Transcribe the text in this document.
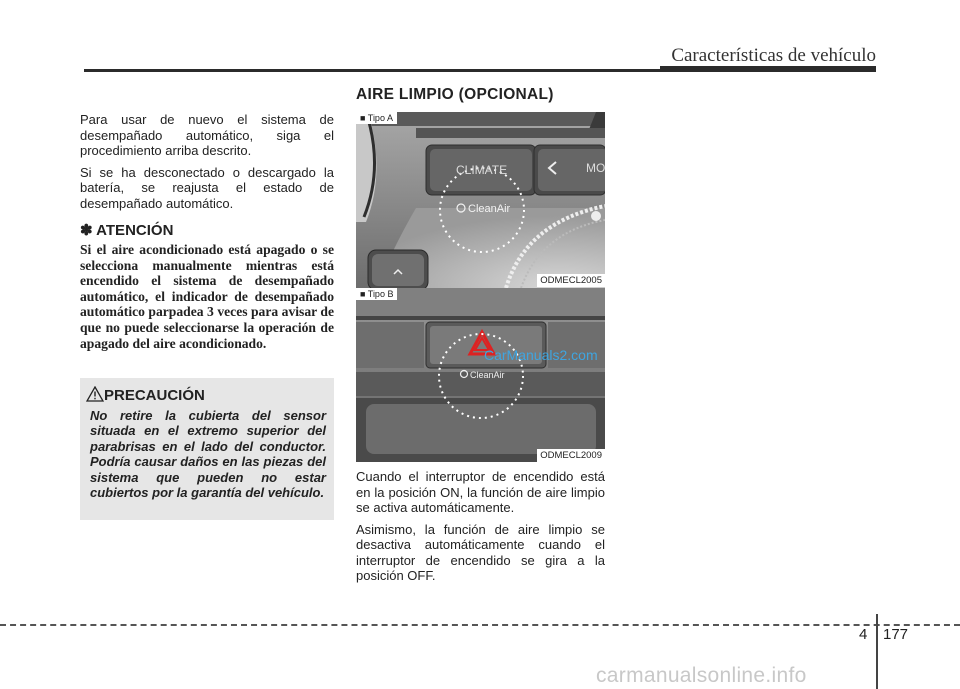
Características de vehículo

Para usar de nuevo el sistema de desempañado automático, siga el procedimiento arriba descrito.

Si se ha desconectado o descargado la batería, se reajusta el estado de desempañado automático.

✽ ATENCIÓN
Si el aire acondicionado está apagado o se selecciona manualmente mientras está encendido el sistema de desempañado automático, el indicador de desempañado automático parpadea 3 veces para avisar de que no puede seleccionarse la operación de apagado del aire acondicionado.
PRECAUCIÓN
No retire la cubierta del sensor situada en el extremo superior del parabrisas en el lado del conductor. Podría causar daños en las piezas del sistema que pueden no estar cubiertos por la garantía del vehículo.
AIRE LIMPIO (OPCIONAL)
CLIMATE	MO
CleanAir
■ Tipo A
ODMECL2005
CleanAir
■ Tipo B
ODMECL2009
CarManuals2.com

Cuando el interruptor de encendido está en la posición ON, la función de aire limpio se activa automáticamente.

Asimismo, la función de aire limpio se desactiva automáticamente cuando el interruptor de encendido se gira a la posición OFF.

4 177
carmanualsonline.info
